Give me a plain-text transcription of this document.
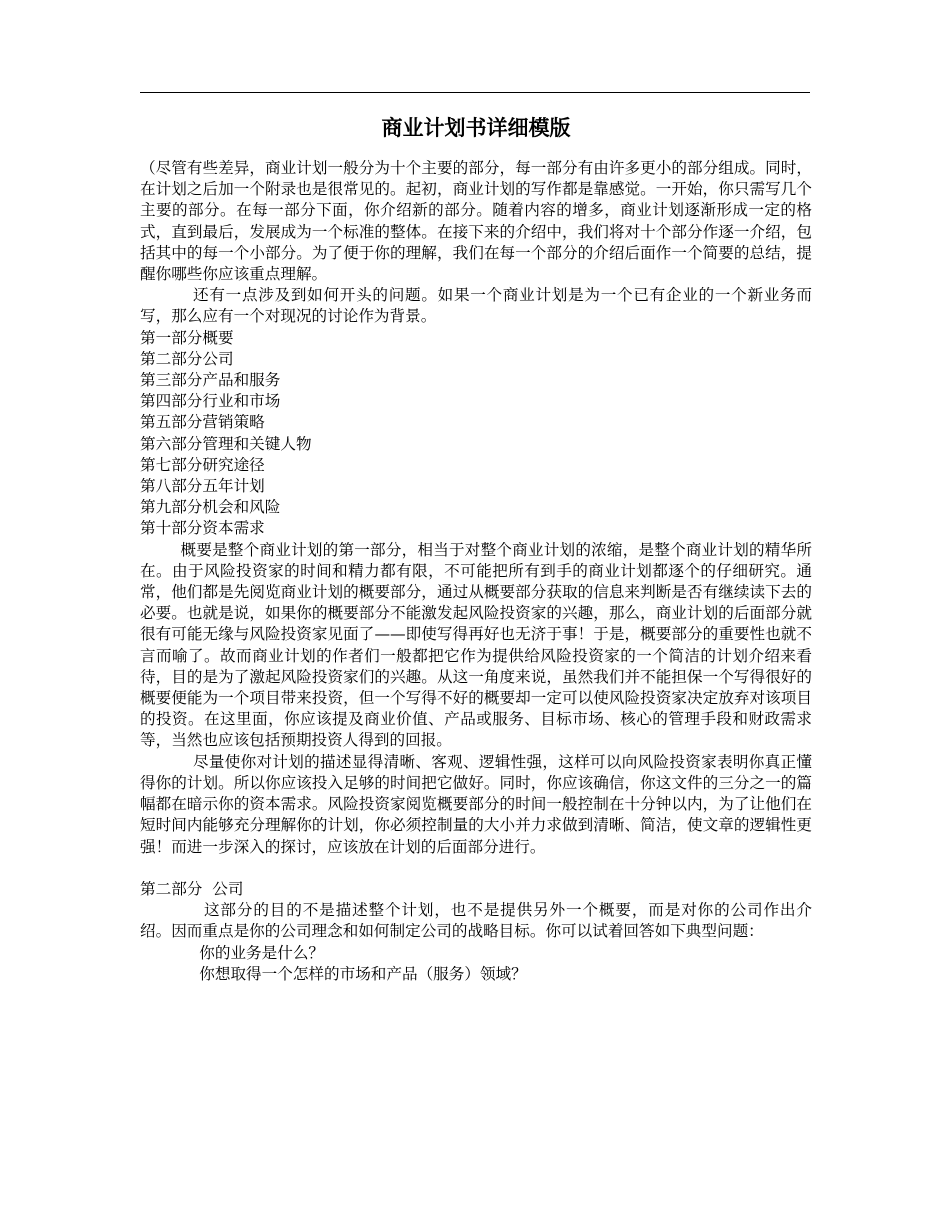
商业计划书详细模版

（尽管有些差异，商业计划一般分为十个主要的部分，每一部分有由许多更小的部分组成。同时，在计划之后加一个附录也是很常见的。起初，商业计划的写作都是靠感觉。一开始，你只需写几个主要的部分。在每一部分下面，你介绍新的部分。随着内容的增多，商业计划逐渐形成一定的格式，直到最后，发展成为一个标准的整体。在接下来的介绍中，我们将对十个部分作逐一介绍，包括其中的每一个小部分。为了便于你的理解，我们在每一个部分的介绍后面作一个简要的总结，提醒你哪些你应该重点理解。

还有一点涉及到如何开头的问题。如果一个商业计划是为一个已有企业的一个新业务而写，那么应有一个对现况的讨论作为背景。

第一部分概要

第二部分公司

第三部分产品和服务

第四部分行业和市场

第五部分营销策略

第六部分管理和关键人物

第七部分研究途径

第八部分五年计划

第九部分机会和风险

第十部分资本需求

概要是整个商业计划的第一部分，相当于对整个商业计划的浓缩，是整个商业计划的精华所在。由于风险投资家的时间和精力都有限，不可能把所有到手的商业计划都逐个的仔细研究。通常，他们都是先阅览商业计划的概要部分，通过从概要部分获取的信息来判断是否有继续读下去的必要。也就是说，如果你的概要部分不能激发起风险投资家的兴趣，那么，商业计划的后面部分就很有可能无缘与风险投资家见面了——即使写得再好也无济于事！于是，概要部分的重要性也就不言而喻了。故而商业计划的作者们一般都把它作为提供给风险投资家的一个简洁的计划介绍来看待，目的是为了激起风险投资家们的兴趣。从这一角度来说，虽然我们并不能担保一个写得很好的概要便能为一个项目带来投资，但一个写得不好的概要却一定可以使风险投资家决定放弃对该项目的投资。在这里面，你应该提及商业价值、产品或服务、目标市场、核心的管理手段和财政需求等，当然也应该包括预期投资人得到的回报。

尽量使你对计划的描述显得清晰、客观、逻辑性强，这样可以向风险投资家表明你真正懂得你的计划。所以你应该投入足够的时间把它做好。同时，你应该确信，你这文件的三分之一的篇幅都在暗示你的资本需求。风险投资家阅览概要部分的时间一般控制在十分钟以内，为了让他们在短时间内能够充分理解你的计划，你必须控制量的大小并力求做到清晰、简洁，使文章的逻辑性更强！而进一步深入的探讨，应该放在计划的后面部分进行。

第二部分  公司

这部分的目的不是描述整个计划，也不是提供另外一个概要，而是对你的公司作出介绍。因而重点是你的公司理念和如何制定公司的战略目标。你可以试着回答如下典型问题：

你的业务是什么？

你想取得一个怎样的市场和产品（服务）领域？
